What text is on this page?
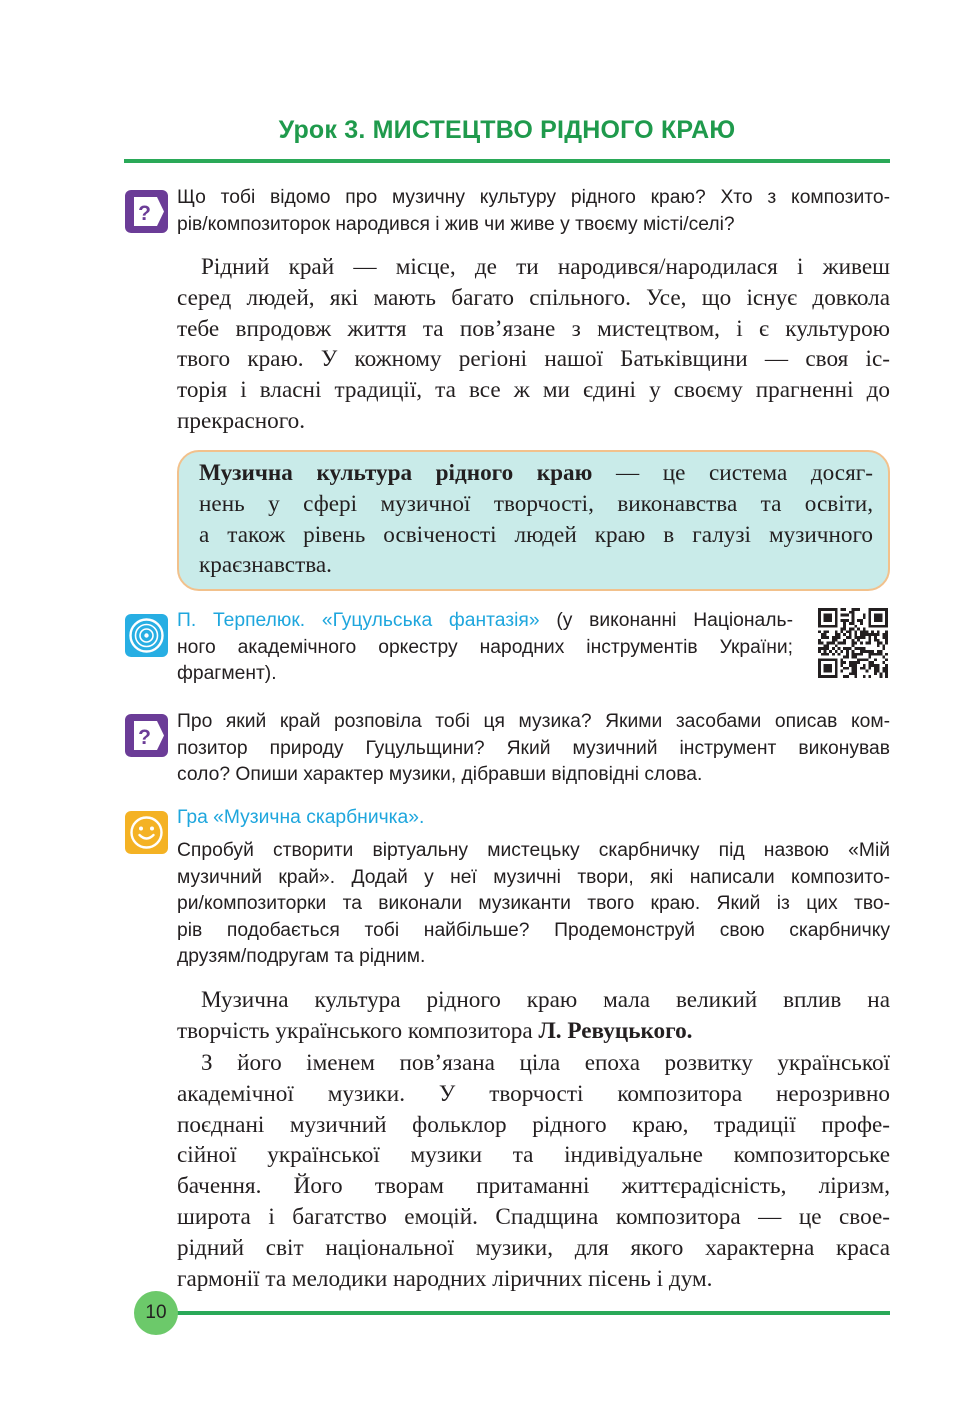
Урок 3. МИСТЕЦТВО РІДНОГО КРАЮ
?
Що тобі відомо про музичну культуру рідного краю? Хто з композито-
рів/композиторок народився і жив чи живе у твоєму місті/селі?
Рідний край — місце, де ти народився/народилася і живеш
серед людей, які мають багато спільного. Усе, що існує довкола
тебе впродовж життя та пов’язане з мистецтвом, і є культурою
твого краю. У кожному регіоні нашої Батьківщини — своя іс-
торія і власні традиції, та все ж ми єдині у своєму прагненні до
прекрасного.
Музична культура рідного краю — це система досяг-
нень у сфері музичної творчості, виконавства та освіти,
а також рівень освіченості людей краю в галузі музичного
краєзнавства.
П. Терпелюк. «Гуцульська фантазія» (у виконанні Національ-
ного академічного оркестру народних інструментів України;
фрагмент).
?
Про який край розповіла тобі ця музика? Якими засобами описав ком-
позитор природу Гуцульщини? Який музичний інструмент виконував
соло? Опиши характер музики, дібравши відповідні слова.
Гра «Музична скарбничка».
Спробуй створити віртуальну мистецьку скарбничку під назвою «Мій
музичний край». Додай у неї музичні твори, які написали композито-
ри/композиторки та виконали музиканти твого краю. Який із цих тво-
рів подобається тобі найбільше? Продемонструй свою скарбничку
друзям/подругам та рідним.
Музична культура рідного краю мала великий вплив на
творчість українського композитора Л. Ревуцького.
З його іменем пов’язана ціла епоха розвитку української
академічної музики. У творчості композитора нерозривно
поєднані музичний фольклор рідного краю, традиції профе-
сійної української музики та індивідуальне композиторське
бачення. Його творам притаманні життєрадісність, ліризм,
широта і багатство емоцій. Спадщина композитора — це свое-
рідний світ національної музики, для якого характерна краса
гармонії та мелодики народних ліричних пісень і дум.
10
